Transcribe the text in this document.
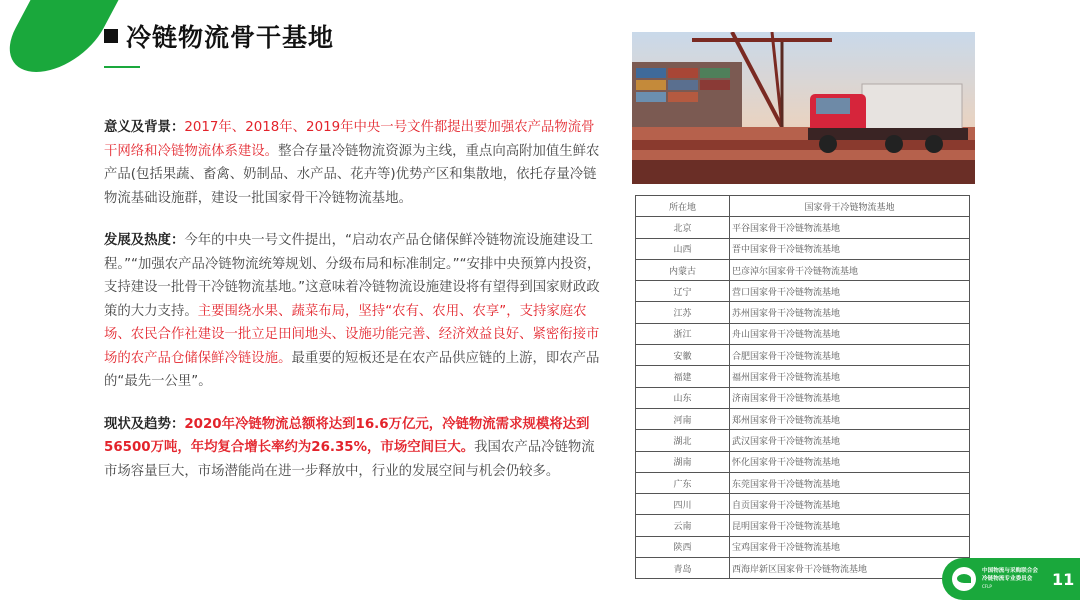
冷链物流骨干基地

意义及背景：2017年、2018年、2019年中央一号文件都提出要加强农产品物流骨干网络和冷链物流体系建设。整合存量冷链物流资源为主线，重点向高附加值生鲜农产品(包括果蔬、畜禽、奶制品、水产品、花卉等)优势产区和集散地，依托存量冷链物流基础设施群，建设一批国家骨干冷链物流基地。

发展及热度：今年的中央一号文件提出，“启动农产品仓储保鲜冷链物流设施建设工程。”“加强农产品冷链物流统筹规划、分级布局和标准制定。”“安排中央预算内投资，支持建设一批骨干冷链物流基地。”这意味着冷链物流设施建设将有望得到国家财政政策的大力支持。主要围绕水果、蔬菜布局，坚持“农有、农用、农享”，支持家庭农场、农民合作社建设一批立足田间地头、设施功能完善、经济效益良好、紧密衔接市场的农产品仓储保鲜冷链设施。最重要的短板还是在农产品供应链的上游，即农产品的“最先一公里”。

现状及趋势：2020年冷链物流总额将达到16.6万亿元，冷链物流需求规模将达到56500万吨，年均复合增长率约为26.35%，市场空间巨大。我国农产品冷链物流市场容量巨大，市场潜能尚在进一步释放中，行业的发展空间与机会仍较多。

所在地	国家骨干冷链物流基地
北京	平谷国家骨干冷链物流基地
山西	晋中国家骨干冷链物流基地
内蒙古	巴彦淖尔国家骨干冷链物流基地
辽宁	营口国家骨干冷链物流基地
江苏	苏州国家骨干冷链物流基地
浙江	舟山国家骨干冷链物流基地
安徽	合肥国家骨干冷链物流基地
福建	福州国家骨干冷链物流基地
山东	济南国家骨干冷链物流基地
河南	郑州国家骨干冷链物流基地
湖北	武汉国家骨干冷链物流基地
湖南	怀化国家骨干冷链物流基地
广东	东莞国家骨干冷链物流基地
四川	自贡国家骨干冷链物流基地
云南	昆明国家骨干冷链物流基地
陕西	宝鸡国家骨干冷链物流基地
青岛	西海岸新区国家骨干冷链物流基地	中国物流与采购联合会
冷链物流专业委员会
CFLP	11
